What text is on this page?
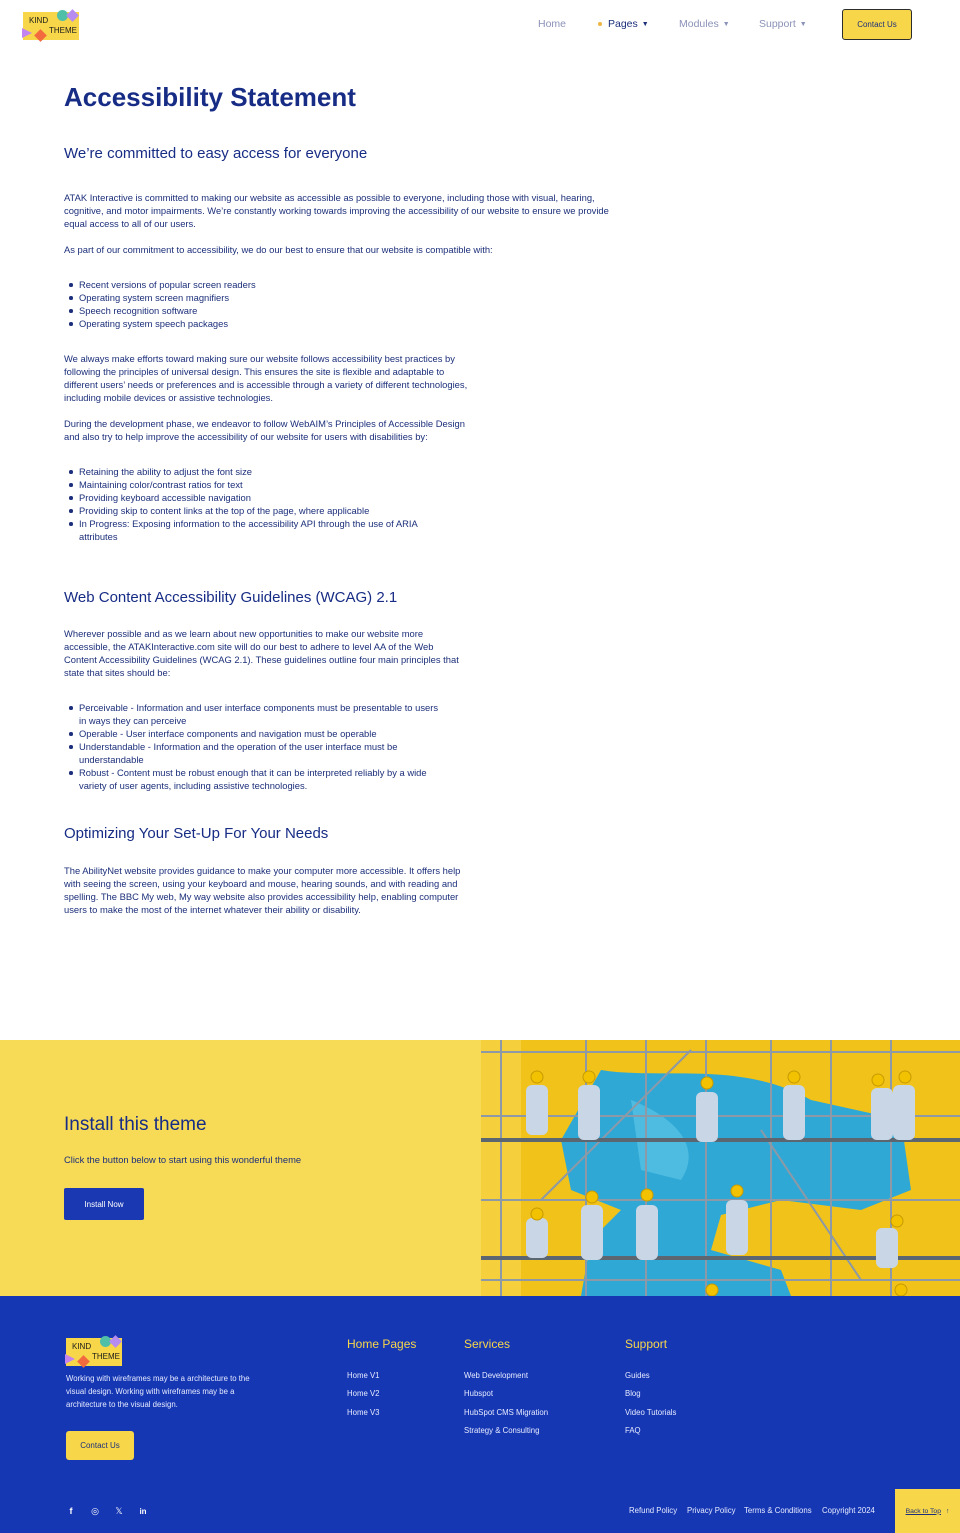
KIND
THEME
Home	Pages ▼	Modules ▼	Support ▼	Contact Us
Accessibility Statement
We’re committed to easy access for everyone
ATAK Interactive is committed to making our website as accessible as possible to everyone, including those with visual, hearing,
cognitive, and motor impairments. We’re constantly working towards improving the accessibility of our website to ensure we provide
equal access to all of our users.
As part of our commitment to accessibility, we do our best to ensure that our website is compatible with:
Recent versions of popular screen readers
Operating system screen magnifiers
Speech recognition software
Operating system speech packages
We always make efforts toward making sure our website follows accessibility best practices by
following the principles of universal design. This ensures the site is flexible and adaptable to
different users’ needs or preferences and is accessible through a variety of different technologies,
including mobile devices or assistive technologies.
During the development phase, we endeavor to follow WebAIM’s Principles of Accessible Design
and also try to help improve the accessibility of our website for users with disabilities by:
Retaining the ability to adjust the font size
Maintaining color/contrast ratios for text
Providing keyboard accessible navigation
Providing skip to content links at the top of the page, where applicable
In Progress: Exposing information to the accessibility API through the use of ARIA
attributes
Web Content Accessibility Guidelines (WCAG) 2.1
Wherever possible and as we learn about new opportunities to make our website more
accessible, the ATAKInteractive.com site will do our best to adhere to level AA of the Web
Content Accessibility Guidelines (WCAG 2.1). These guidelines outline four main principles that
state that sites should be:
Perceivable - Information and user interface components must be presentable to users
in ways they can perceive
Operable - User interface components and navigation must be operable
Understandable - Information and the operation of the user interface must be
understandable
Robust - Content must be robust enough that it can be interpreted reliably by a wide
variety of user agents, including assistive technologies.
Optimizing Your Set-Up For Your Needs
The AbilityNet website provides guidance to make your computer more accessible. It offers help
with seeing the screen, using your keyboard and mouse, hearing sounds, and with reading and
spelling. The BBC My web, My way website also provides accessibility help, enabling computer
users to make the most of the internet whatever their ability or disability.
Install this theme
Click the button below to start using this wonderful theme
Install Now
KIND
THEME
Working with wireframes may be a architecture to the
visual design. Working with wireframes may be a
architecture to the visual design.
Contact Us
Home Pages
Home V1
Home V2
Home V3
Services
Web Development
Hubspot
HubSpot CMS Migration
Strategy & Consulting
Support
Guides
Blog
Video Tutorials
FAQ
f	◎ 𝕏	in	Refund Policy Privacy Policy Terms & Conditions Copyright 2024	Back to Top ↑
